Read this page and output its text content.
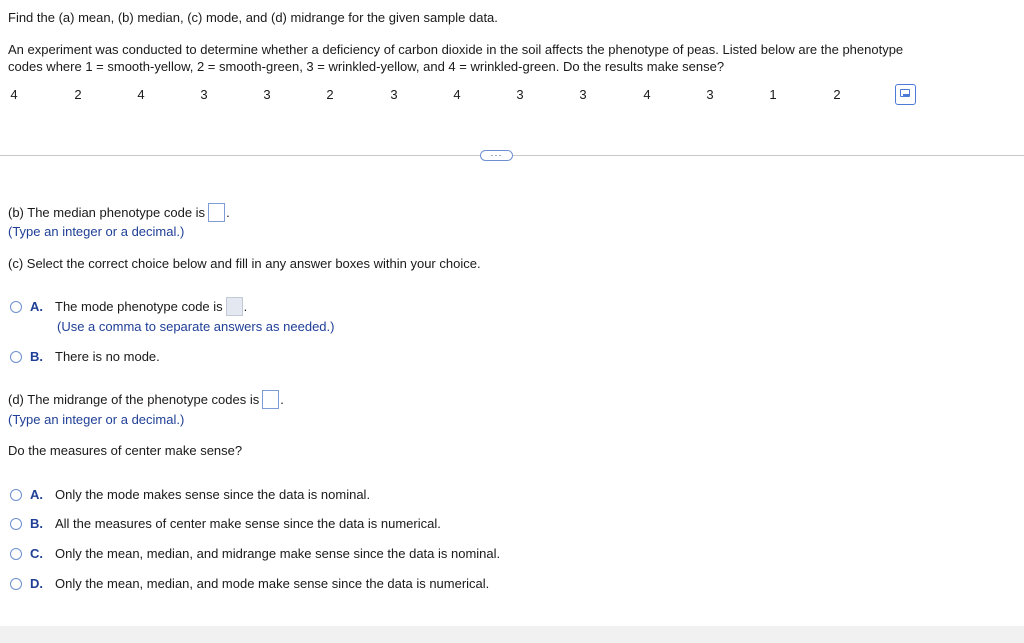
Find the (a) mean, (b) median, (c) mode, and (d) midrange for the given sample data.
An experiment was conducted to determine whether a deficiency of carbon dioxide in the soil affects the phenotype of peas. Listed below are the phenotype
codes where 1 = smooth-yellow, 2 = smooth-green, 3 = wrinkled-yellow, and 4 = wrinkled-green. Do the results make sense?
4	2	4	3	3	2	3	4	3	3	4	3	1	2
···
(b) The median phenotype code is .
(Type an integer or a decimal.)
(c) Select the correct choice below and fill in any answer boxes within your choice.
A. The mode phenotype code is .
(Use a comma to separate answers as needed.)
B. There is no mode.
(d) The midrange of the phenotype codes is .
(Type an integer or a decimal.)
Do the measures of center make sense?
A. Only the mode makes sense since the data is nominal.
B. All the measures of center make sense since the data is numerical.
C. Only the mean, median, and midrange make sense since the data is nominal.
D. Only the mean, median, and mode make sense since the data is numerical.
